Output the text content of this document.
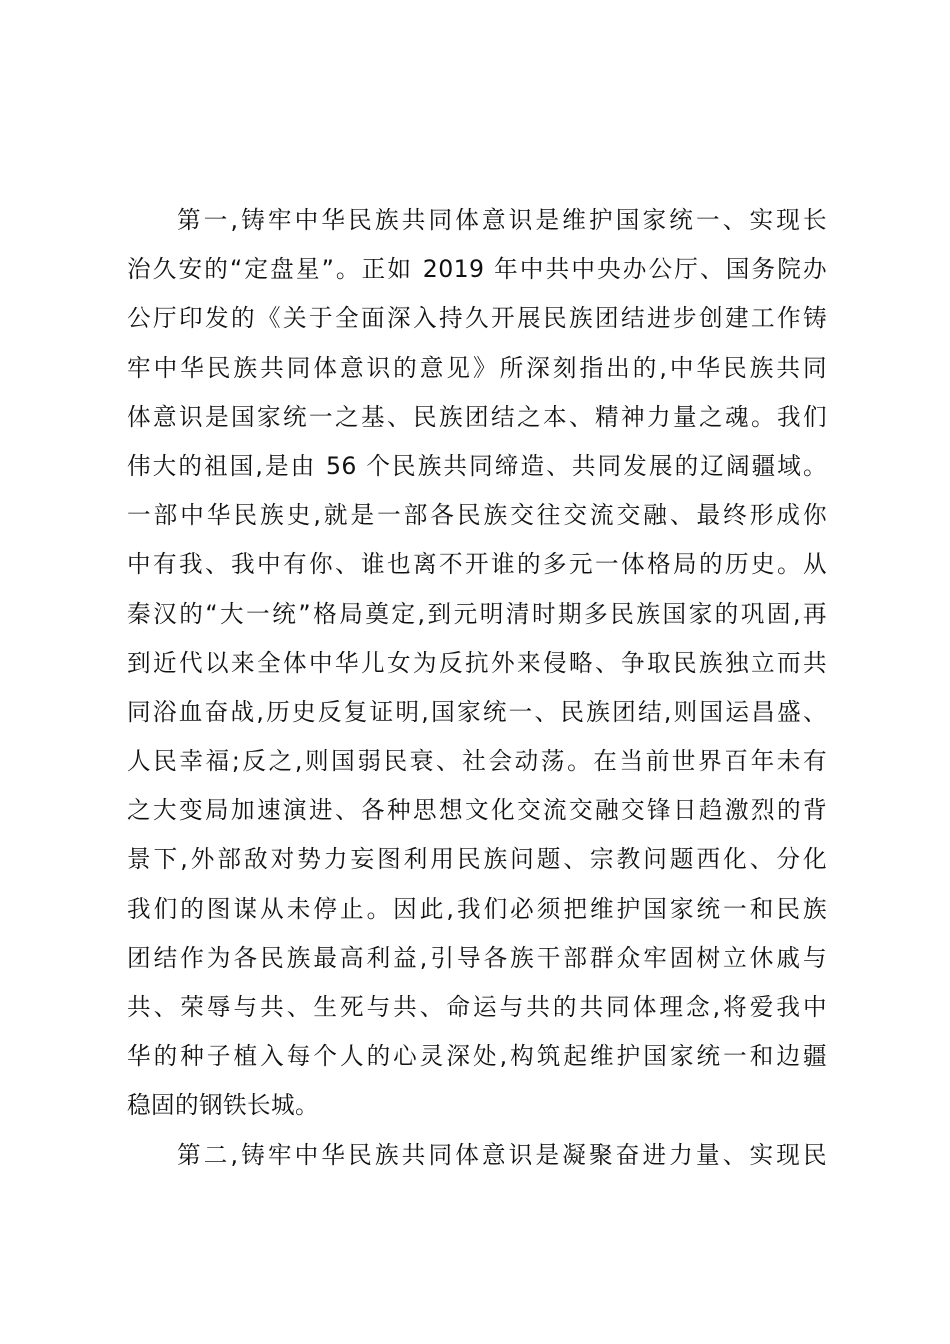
第一,铸牢中华民族共同体意识是维护国家统一、实现长
治久安的“定盘星”。正如 2019 年中共中央办公厅、国务院办
公厅印发的《关于全面深入持久开展民族团结进步创建工作铸
牢中华民族共同体意识的意见》所深刻指出的,中华民族共同
体意识是国家统一之基、民族团结之本、精神力量之魂。我们
伟大的祖国,是由 56 个民族共同缔造、共同发展的辽阔疆域。
一部中华民族史,就是一部各民族交往交流交融、最终形成你
中有我、我中有你、谁也离不开谁的多元一体格局的历史。从
秦汉的“大一统”格局奠定,到元明清时期多民族国家的巩固,再
到近代以来全体中华儿女为反抗外来侵略、争取民族独立而共
同浴血奋战,历史反复证明,国家统一、民族团结,则国运昌盛、
人民幸福;反之,则国弱民衰、社会动荡。在当前世界百年未有
之大变局加速演进、各种思想文化交流交融交锋日趋激烈的背
景下,外部敌对势力妄图利用民族问题、宗教问题西化、分化
我们的图谋从未停止。因此,我们必须把维护国家统一和民族
团结作为各民族最高利益,引导各族干部群众牢固树立休戚与
共、荣辱与共、生死与共、命运与共的共同体理念,将爱我中
华的种子植入每个人的心灵深处,构筑起维护国家统一和边疆
稳固的钢铁长城。
第二,铸牢中华民族共同体意识是凝聚奋进力量、实现民
